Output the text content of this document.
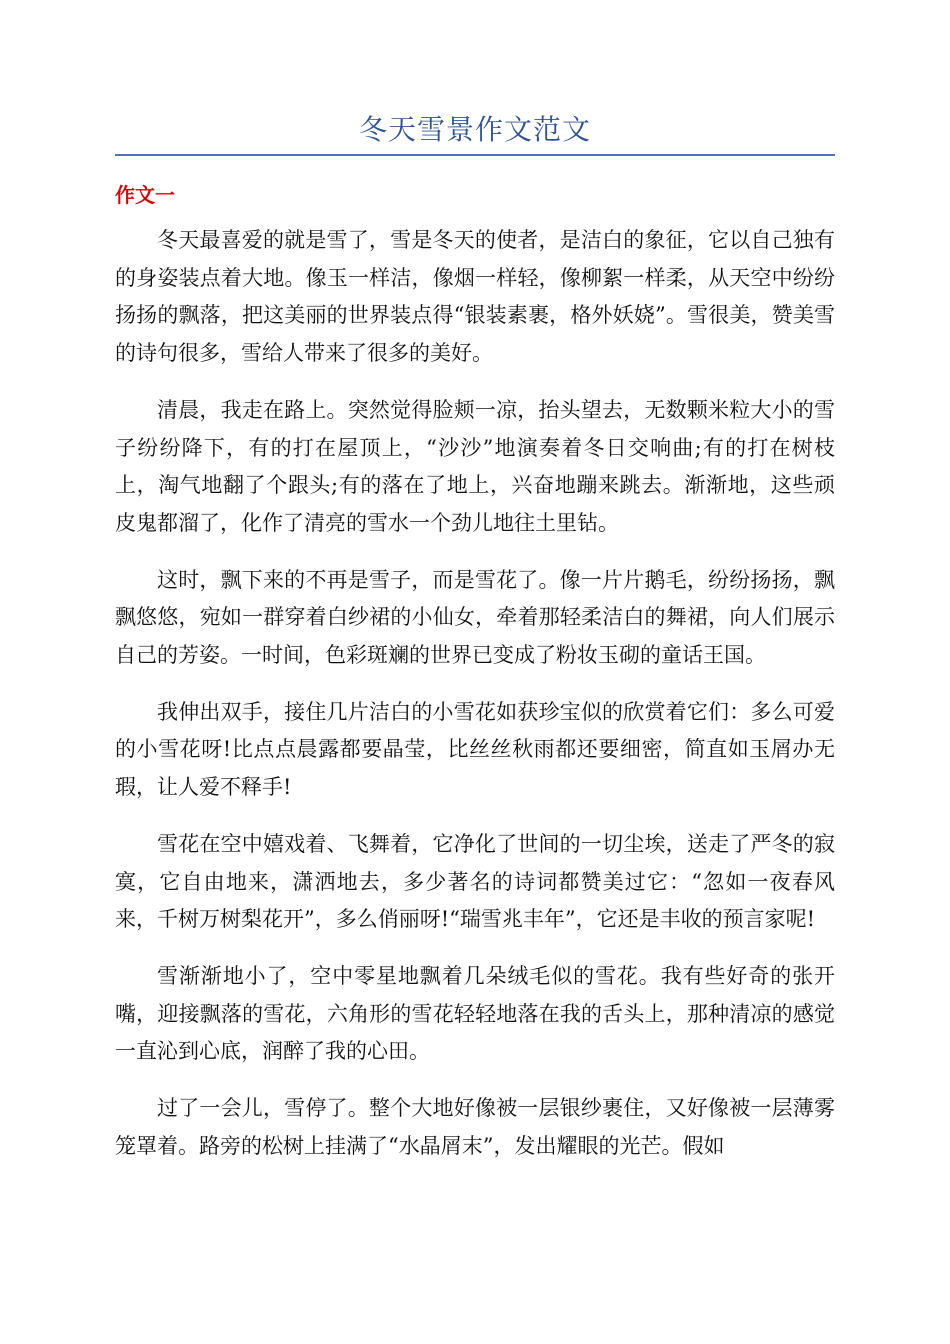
冬天雪景作文范文
作文一

冬天最喜爱的就是雪了，雪是冬天的使者，是洁白的象征，它以自己独有的身姿装点着大地。像玉一样洁，像烟一样轻，像柳絮一样柔，从天空中纷纷扬扬的飘落，把这美丽的世界装点得“银装素裹，格外妖娆”。雪很美，赞美雪的诗句很多，雪给人带来了很多的美好。

清晨，我走在路上。突然觉得脸颊一凉，抬头望去，无数颗米粒大小的雪子纷纷降下，有的打在屋顶上，“沙沙”地演奏着冬日交响曲;有的打在树枝上，淘气地翻了个跟头;有的落在了地上，兴奋地蹦来跳去。渐渐地，这些顽皮鬼都溜了，化作了清亮的雪水一个劲儿地往土里钻。

这时，飘下来的不再是雪子，而是雪花了。像一片片鹅毛，纷纷扬扬，飘飘悠悠，宛如一群穿着白纱裙的小仙女，牵着那轻柔洁白的舞裙，向人们展示自己的芳姿。一时间，色彩斑斓的世界已变成了粉妆玉砌的童话王国。

我伸出双手，接住几片洁白的小雪花如获珍宝似的欣赏着它们：多么可爱的小雪花呀!比点点晨露都要晶莹，比丝丝秋雨都还要细密，简直如玉屑办无瑕，让人爱不释手!

雪花在空中嬉戏着、飞舞着，它净化了世间的一切尘埃，送走了严冬的寂寞，它自由地来，潇洒地去，多少著名的诗词都赞美过它：“忽如一夜春风来，千树万树梨花开”，多么俏丽呀!“瑞雪兆丰年”，它还是丰收的预言家呢!

雪渐渐地小了，空中零星地飘着几朵绒毛似的雪花。我有些好奇的张开嘴，迎接飘落的雪花，六角形的雪花轻轻地落在我的舌头上，那种清凉的感觉一直沁到心底，润醉了我的心田。

过了一会儿，雪停了。整个大地好像被一层银纱裹住，又好像被一层薄雾笼罩着。路旁的松树上挂满了“水晶屑末”，发出耀眼的光芒。假如
